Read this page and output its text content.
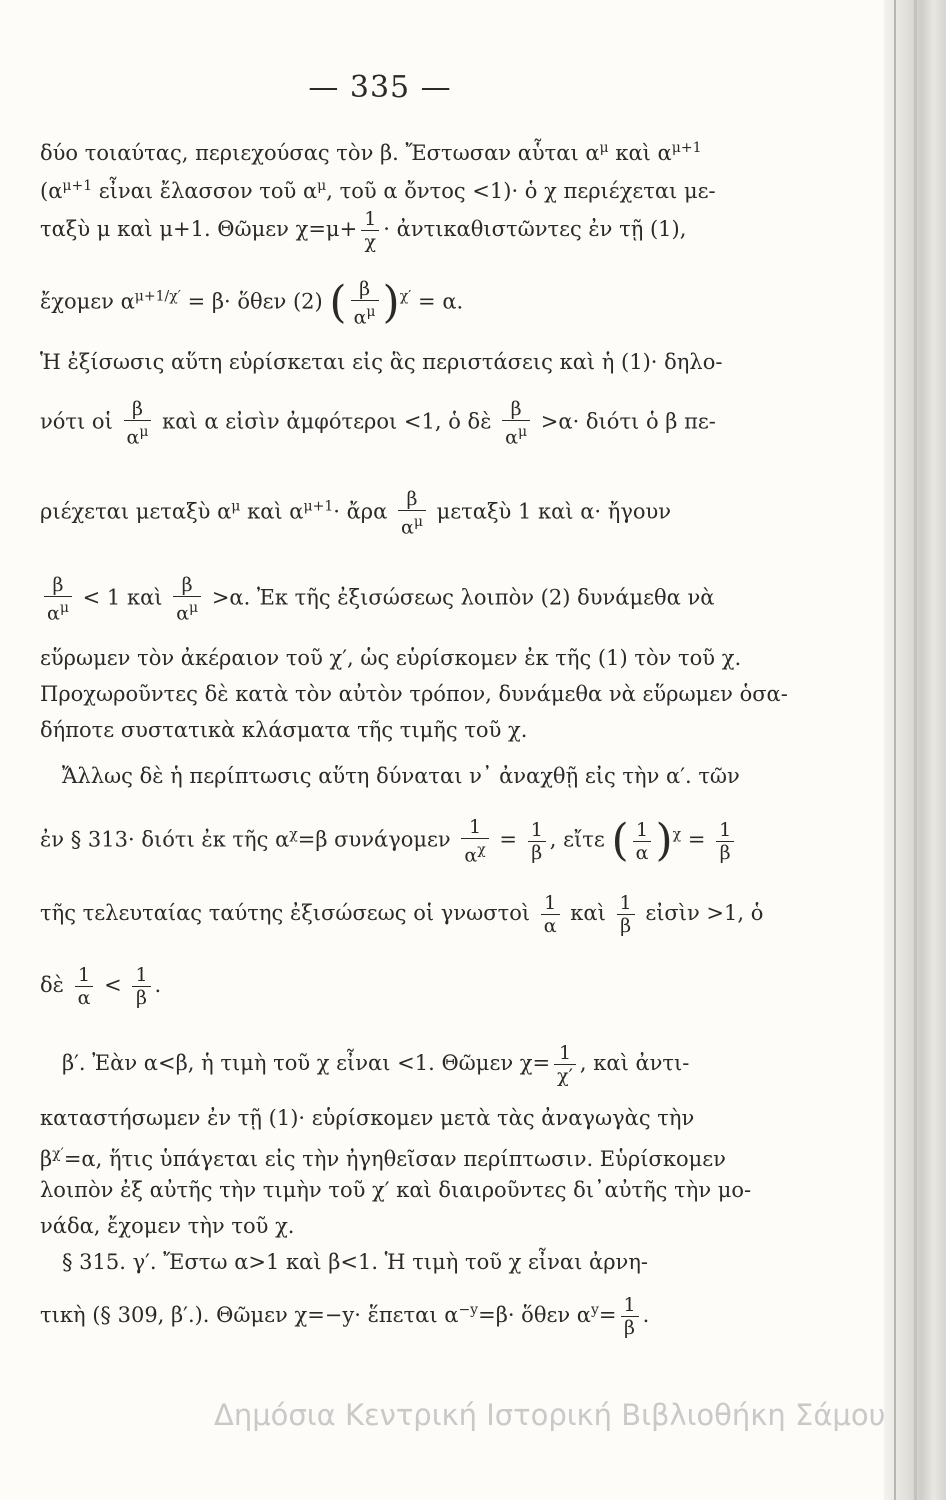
— 335 —
δύο τοιαύτας, περιεχούσας τὸν β. Ἔστωσαν αὗται $\alpha^\mu$ καὶ $\alpha^{\mu+1}$
($\alpha^{\mu+1}$ εἶναι ἔλασσον τοῦ $\alpha^\mu$, τοῦ α ὄντος <1)· ὁ χ περιέχεται με-
ταξὺ μ καὶ μ+1. Θῶμεν $\chi=\mu+ \frac{1}{\chi}$ · ἀντικαθιστῶντες ἐν τῇ (1),
ἔχομεν $\alpha^{\mu+1/\chi'} = \beta\cdot$ ὅθεν (2) ( $\frac{\beta}{\alpha^\mu} )^{\chi'} = \alpha$.
Ἡ ἐξίσωσις αὕτη εὑρίσκεται εἰς ἃς περιστάσεις καὶ ἡ (1)· δηλο-
νότι οἱ $\frac{\beta}{\alpha^\mu}$ καὶ α εἰσὶν ἀμφότεροι <1, ὁ δὲ $\frac{\beta}{\alpha^\mu} >\alpha\cdot \delta\iota ό\tau\iota$ ὁ β πε-
ριέχεται μεταξὺ $\alpha^\mu$ καὶ $\alpha^{\mu+1}\cdot$ ἄρα $\frac{\beta}{\alpha^\mu}$ μεταξὺ 1 καὶ α· ἤγουν
$\frac{\beta}{\alpha^\mu} < 1$ καὶ $\frac{\beta}{\alpha^\mu} >\alpha$. Ἐκ τῆς ἐξισώσεως λοιπὸν (2) δυνάμεθα νὰ
εὕρωμεν τὸν ἀκέραιον τοῦ χ′, ὡς εὑρίσκομεν ἐκ τῆς (1) τὸν τοῦ χ.
Προχωροῦντες δὲ κατὰ τὸν αὐτὸν τρόπον, δυνάμεθα νὰ εὕρωμεν ὁσα-
δήποτε συστατικὰ κλάσματα τῆς τιμῆς τοῦ χ.
Ἄλλως δὲ ἡ περίπτωσις αὕτη δύναται ν᾿ ἀναχθῇ εἰς τὴν α′. τῶν
ἐν § 313· διότι ἐκ τῆς $\alpha^\chi=\beta$ συνάγομεν $\frac{1}{\alpha^\chi} = \frac{1}{\beta}$ , εἴτε ( $\frac{1}{\alpha} )^\chi = \frac{1}{\beta}$
τῆς τελευταίας ταύτης ἐξισώσεως οἱ γνωστοὶ $\frac{1}{\alpha}$ καὶ $\frac{1}{\beta}$ εἰσὶν >1, ὁ
δὲ $\frac{1}{\alpha} < \frac{1}{\beta}$ .
β′. Ἐὰν α<β, ἡ τιμὴ τοῦ χ εἶναι <1. Θῶμεν $\chi= \frac{1}{\chi'}$ , καὶ ἀντι-
καταστήσωμεν ἐν τῇ (1)· εὑρίσκομεν μετὰ τὰς ἀναγωγὰς τὴν
$\beta^{\chi'}=\alpha$, ἥτις ὑπάγεται εἰς τὴν ἠγηθεῖσαν περίπτωσιν. Εὑρίσκομεν
λοιπὸν ἐξ αὐτῆς τὴν τιμὴν τοῦ χ′ καὶ διαιροῦντες δι᾿αὐτῆς τὴν μο-
νάδα, ἔχομεν τὴν τοῦ χ.
§ 315. γ′. Ἔστω α>1 καὶ β<1. Ἡ τιμὴ τοῦ χ εἶναι ἀρνη-
τικὴ (§ 309, β′.). Θῶμεν χ=−y· ἕπεται $\alpha^{-y}=\beta\cdot$ ὅθεν $\alpha^y= \frac{1}{\beta}$ .
Δημόσια Κεντρική Ιστορική Βιβλιοθήκη Σάμου
